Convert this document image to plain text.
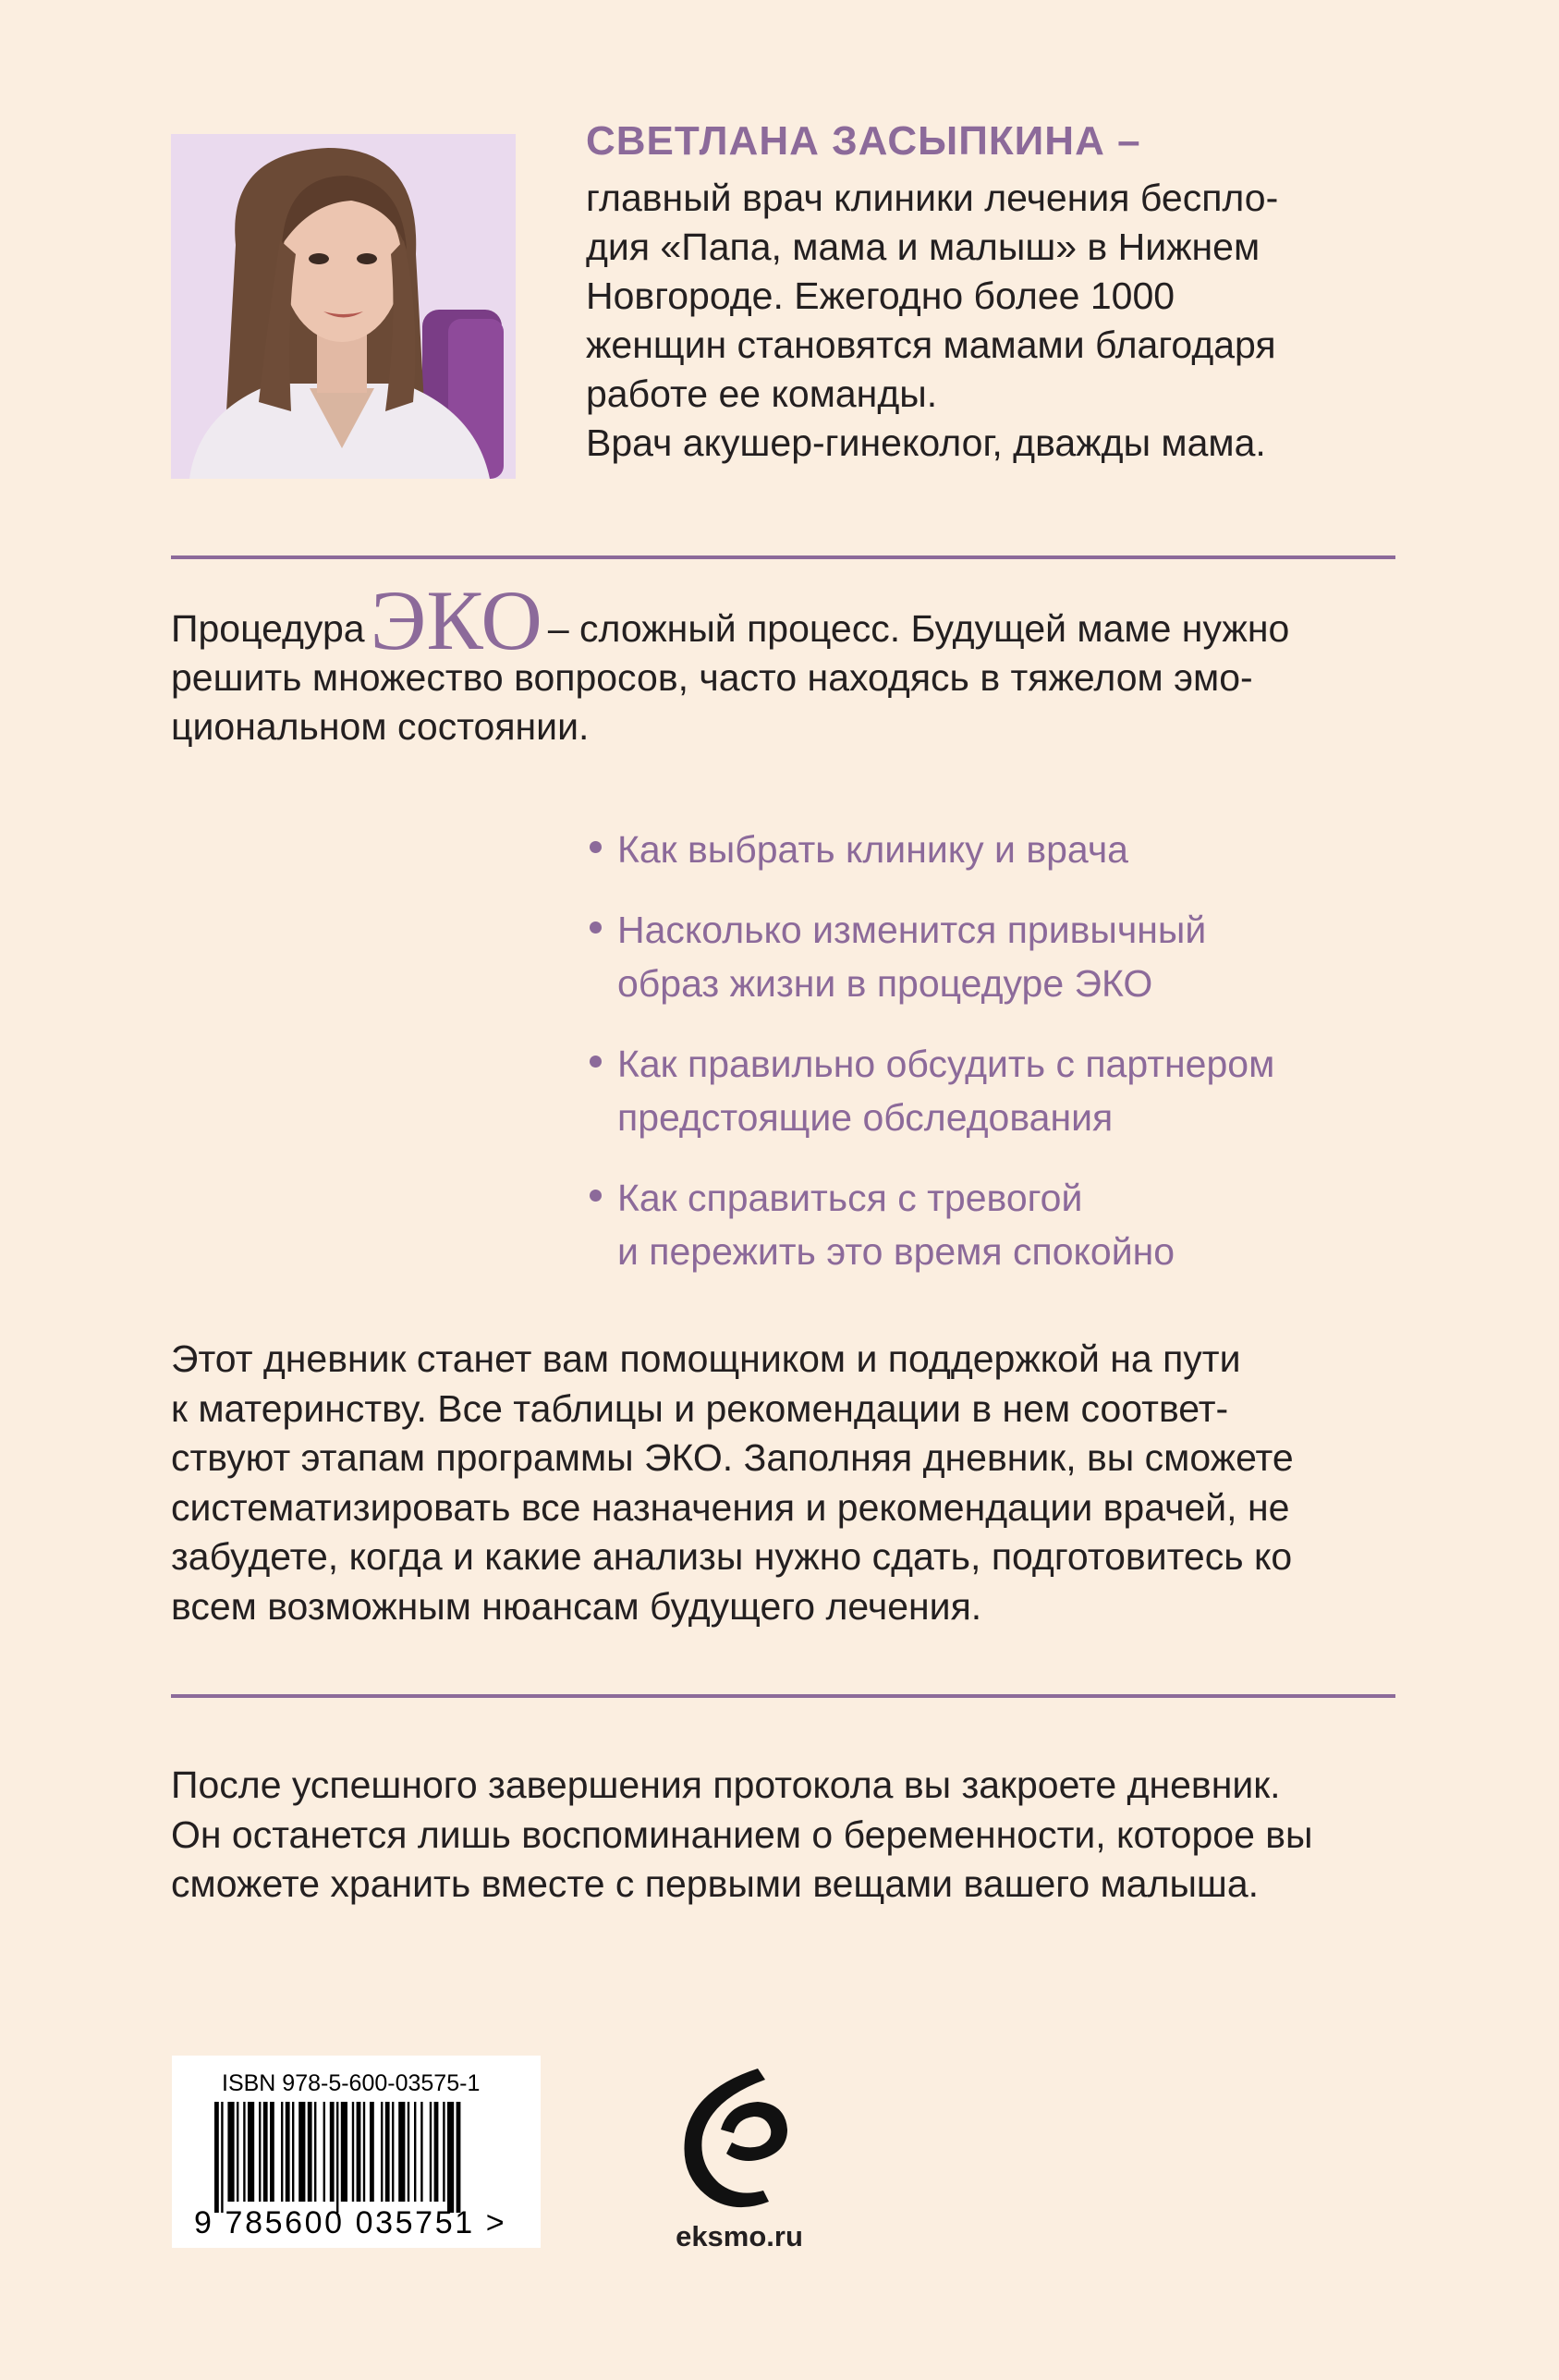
СВЕТЛАНА ЗАСЫПКИНА –
главный врач клиники лечения беспло-
дия «Папа, мама и малыш» в Нижнем
Новгороде. Ежегодно более 1000
женщин становятся мамами благодаря
работе ее команды.
Врач акушер-гинеколог, дважды мама.
ПроцедураЭКО – сложный процесс. Будущей маме нужно
решить множество вопросов, часто находясь в тяжелом эмо-
циональном состоянии.
Как выбрать клинику и врача
Насколько изменится привычный
образ жизни в процедуре ЭКО
Как правильно обсудить с партнером
предстоящие обследования
Как справиться с тревогой
и пережить это время спокойно
Этот дневник станет вам помощником и поддержкой на пути
к материнству. Все таблицы и рекомендации в нем соответ-
ствуют этапам программы ЭКО. Заполняя дневник, вы сможете
систематизировать все назначения и рекомендации врачей, не
забудете, когда и какие анализы нужно сдать, подготовитесь ко
всем возможным нюансам будущего лечения.
После успешного завершения протокола вы закроете дневник.
Он останется лишь воспоминанием о беременности, которое вы
сможете хранить вместе с первыми вещами вашего малыша.
ISBN 978-5-600-03575-1
9 785600 035751 >	eksmo.ru
